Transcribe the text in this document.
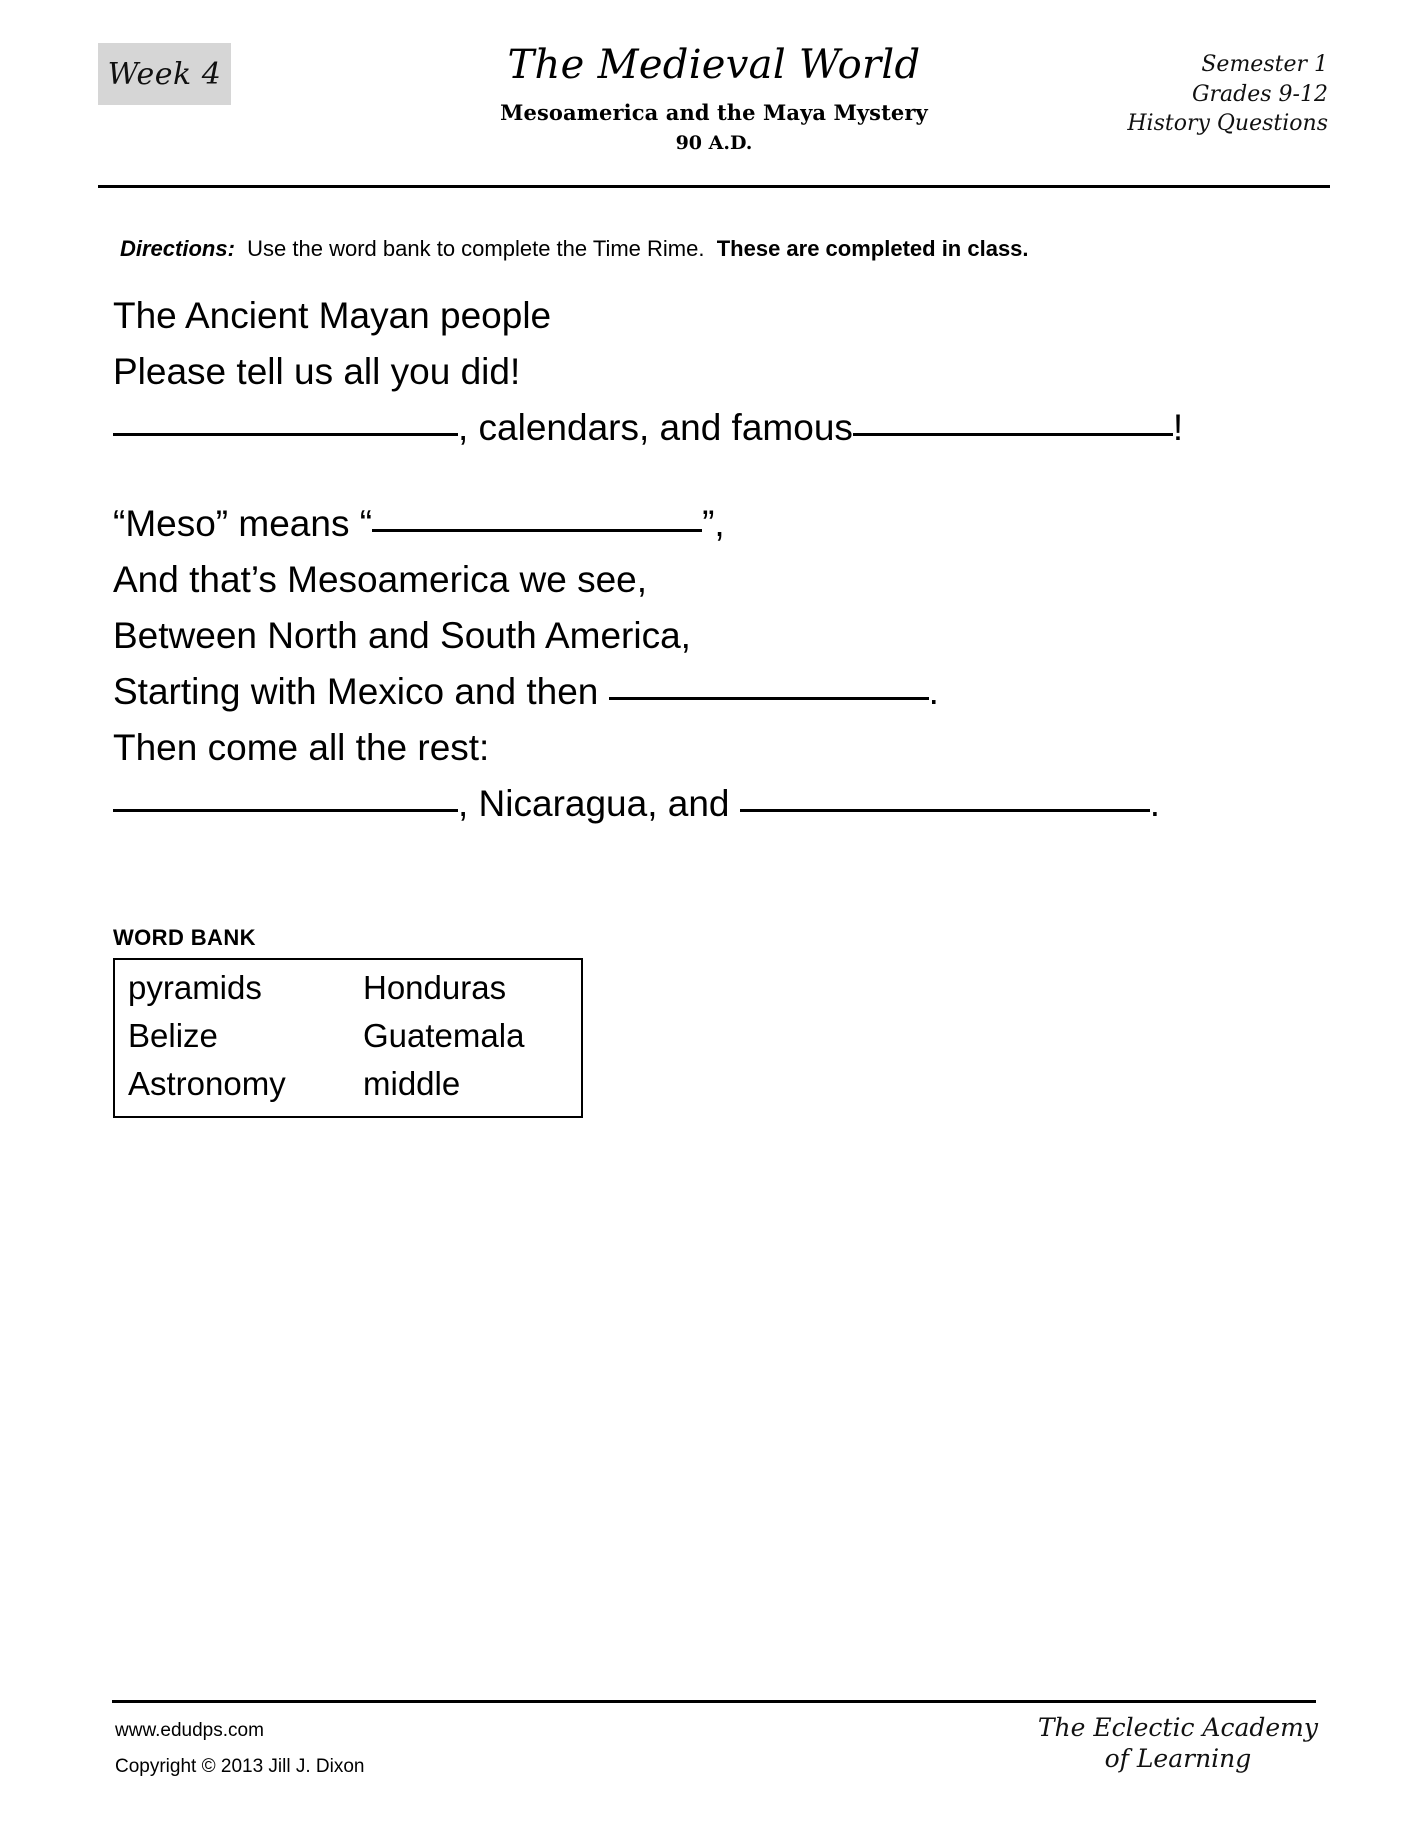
Week 4	The Medieval World
Mesoamerica and the Maya Mystery
90 A.D.
Semester 1
Grades 9-12
History Questions
Directions: Use the word bank to complete the Time Rime. These are completed in class.
The Ancient Mayan people
Please tell us all you did!
, calendars, and famous	!
“Meso” means “	”,
And that’s Mesoamerica we see,
Between North and South America,
Starting with Mexico and then	.
Then come all the rest:
, Nicaragua, and	.
WORD BANK
pyramids	Honduras
Belize	Guatemala
Astronomy	middle
www.edudps.com
Copyright © 2013 Jill J. Dixon
The Eclectic Academy
of Learning
